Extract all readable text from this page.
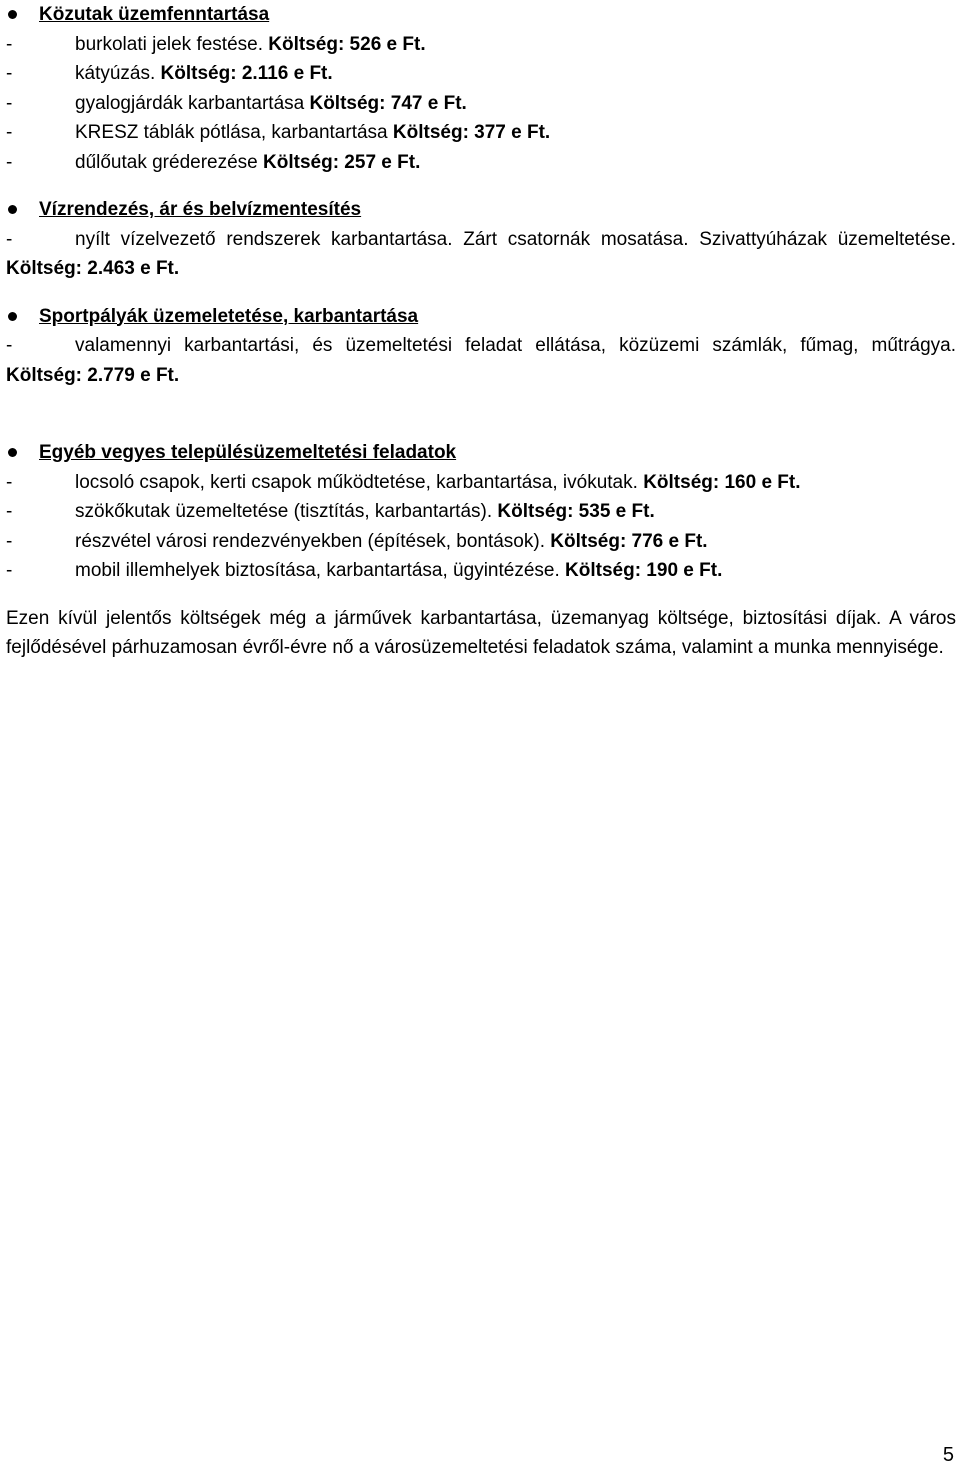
Közutak üzemfenntartása
-	burkolati jelek festése. Költség: 526 e Ft.
-	kátyúzás. Költség: 2.116 e Ft.
-	gyalogjárdák karbantartása Költség: 747 e Ft.
-	KRESZ táblák pótlása, karbantartása Költség: 377 e Ft.
-	dűlőutak gréderezése Költség: 257 e Ft.
Vízrendezés, ár és belvízmentesítés
-	nyílt vízelvezető rendszerek karbantartása. Zárt csatornák mosatása. Szivattyúházak üzemeltetése. Költség: 2.463 e Ft.
Sportpályák üzemeletetése, karbantartása
-	valamennyi karbantartási, és üzemeltetési feladat ellátása, közüzemi számlák, fűmag, műtrágya. Költség: 2.779 e Ft.
Egyéb vegyes településüzemeltetési feladatok
-	locsoló csapok, kerti csapok működtetése, karbantartása, ivókutak. Költség: 160 e Ft.
-	szökőkutak üzemeltetése (tisztítás, karbantartás). Költség: 535 e Ft.
-	részvétel városi rendezvényekben (építések, bontások). Költség: 776 e Ft.
-	mobil illemhelyek biztosítása, karbantartása, ügyintézése. Költség: 190 e Ft.

Ezen kívül jelentős költségek még a járművek karbantartása, üzemanyag költsége, biztosítási díjak. A város fejlődésével párhuzamosan évről-évre nő a városüzemeltetési feladatok száma, valamint a munka mennyisége.

5
